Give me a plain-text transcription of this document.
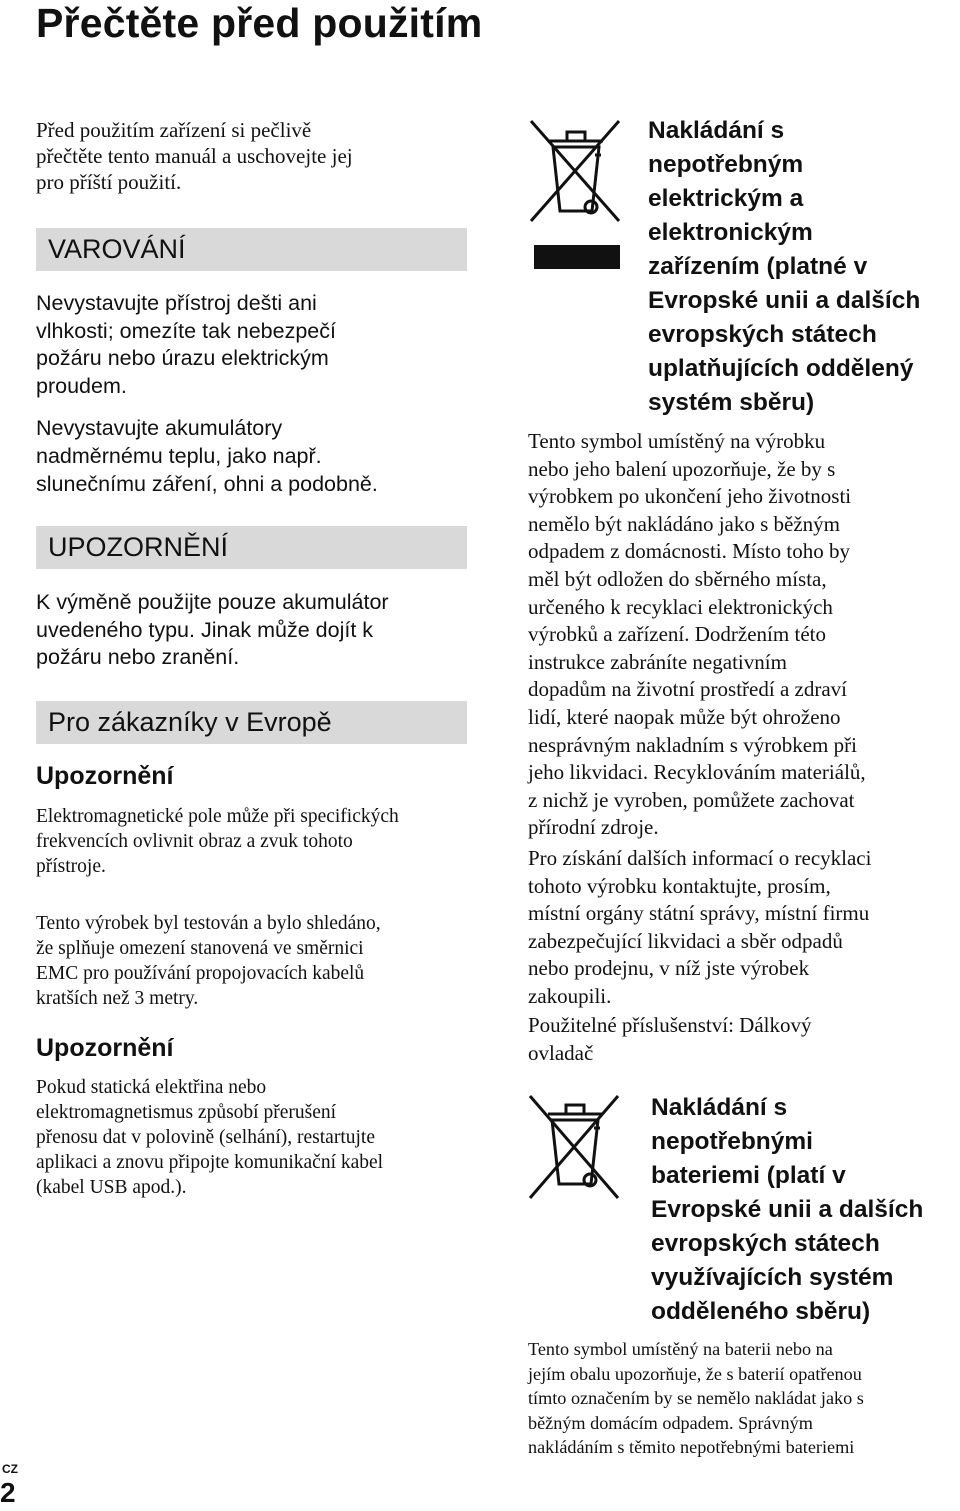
Přečtěte před použitím

Před použitím zařízení si pečlivě
přečtěte tento manuál a uschovejte jej
pro příští použití.

VAROVÁNÍ

Nevystavujte přístroj dešti ani
vlhkosti; omezíte tak nebezpečí
požáru nebo úrazu elektrickým
proudem.

Nevystavujte akumulátory
nadměrnému teplu, jako např.
slunečnímu záření, ohni a podobně.

UPOZORNĚNÍ

K výměně použijte pouze akumulátor
uvedeného typu. Jinak může dojít k
požáru nebo zranění.

Pro zákazníky v Evropě
Upozornění

Elektromagnetické pole může při specifických
frekvencích ovlivnit obraz a zvuk tohoto
přístroje.

Tento výrobek byl testován a bylo shledáno,
že splňuje omezení stanovená ve směrnici
EMC pro používání propojovacích kabelů
kratších než 3 metry.

Upozornění

Pokud statická elektřina nebo
elektromagnetismus způsobí přerušení
přenosu dat v polovině (selhání), restartujte
aplikaci a znovu připojte komunikační kabel
(kabel USB apod.).

Nakládání s
nepotřebným
elektrickým a
elektronickým
zařízením (platné v
Evropské unii a dalších
evropských státech
uplatňujících oddělený
systém sběru)

Tento symbol umístěný na výrobku
nebo jeho balení upozorňuje, že by s
výrobkem po ukončení jeho životnosti
nemělo být nakládáno jako s běžným
odpadem z domácnosti. Místo toho by
měl být odložen do sběrného místa,
určeného k recyklaci elektronických
výrobků a zařízení. Dodržením této
instrukce zabráníte negativním
dopadům na životní prostředí a zdraví
lidí, které naopak může být ohroženo
nesprávným nakladním s výrobkem při
jeho likvidaci. Recyklováním materiálů,
z nichž je vyroben, pomůžete zachovat
přírodní zdroje.

Pro získání dalších informací o recyklaci
tohoto výrobku kontaktujte, prosím,
místní orgány státní správy, místní firmu
zabezpečující likvidaci a sběr odpadů
nebo prodejnu, v níž jste výrobek
zakoupili.

Použitelné příslušenství: Dálkový
ovladač

Nakládání s
nepotřebnými
bateriemi (platí v
Evropské unii a dalších
evropských státech
využívajících systém
odděleného sběru)

Tento symbol umístěný na baterii nebo na
jejím obalu upozorňuje, že s baterií opatřenou
tímto označením by se nemělo nakládat jako s
běžným domácím odpadem. Správným
nakládáním s těmito nepotřebnými bateriemi

CZ
2
